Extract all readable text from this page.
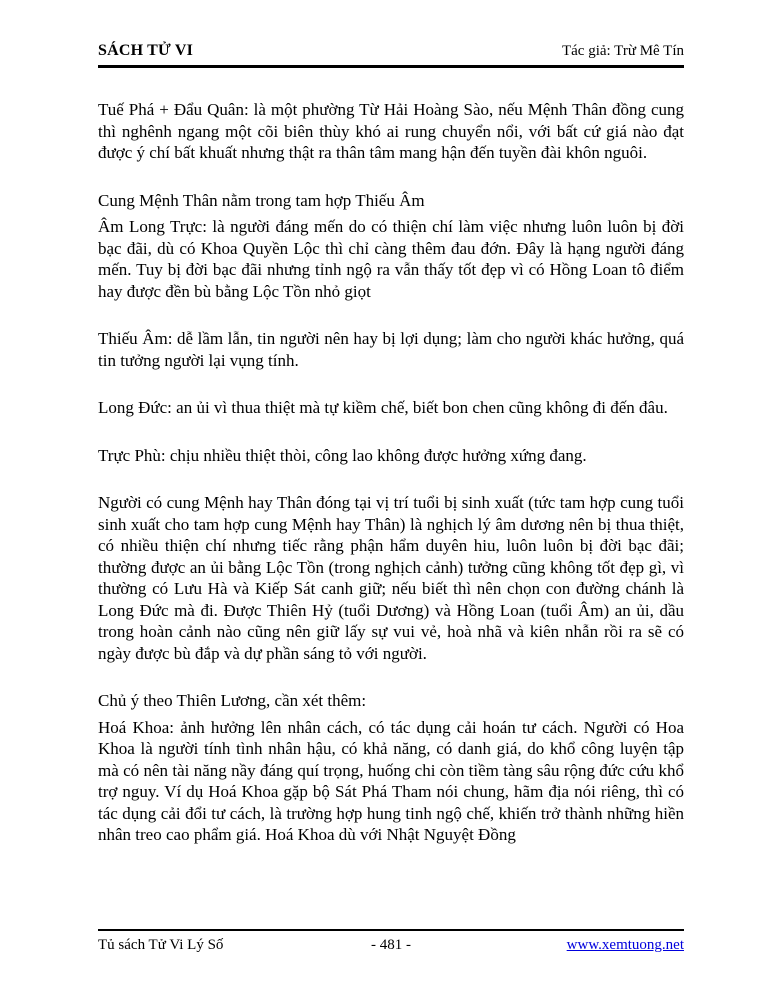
SÁCH TỬ VI	Tác giả: Trừ Mê Tín

Tuế Phá + Đẩu Quân: là một phường Từ Hải Hoàng Sào, nếu Mệnh Thân đồng cung thì nghênh ngang một cõi biên thùy khó ai rung chuyển nổi, với bất cứ giá nào đạt được ý chí bất khuất nhưng thật ra thân tâm mang hận đến tuyền đài khôn nguôi.

Cung Mệnh Thân nằm trong tam hợp Thiếu Âm

Âm Long Trực: là người đáng mến do có thiện chí làm việc nhưng luôn luôn bị đời bạc đãi, dù có Khoa Quyền Lộc thì chỉ càng thêm đau đớn. Đây là hạng người đáng mến. Tuy bị đời bạc đãi nhưng tỉnh ngộ ra vẫn thấy tốt đẹp vì có Hồng Loan tô điểm hay được đền bù bằng Lộc Tồn nhỏ giọt

Thiếu Âm: dễ lầm lẫn, tin người nên hay bị lợi dụng; làm cho người khác hưởng, quá tin tưởng người lại vụng tính.

Long Đức: an ủi vì thua thiệt mà tự kiềm chế, biết bon chen cũng không đi đến đâu.

Trực Phù: chịu nhiều thiệt thòi, công lao không được hưởng xứng đang.

Người có cung Mệnh hay Thân đóng tại vị trí tuổi bị sinh xuất (tức tam hợp cung tuổi sinh xuất cho tam hợp cung Mệnh hay Thân) là nghịch lý âm dương nên bị thua thiệt, có nhiều thiện chí nhưng tiếc rằng phận hẩm duyên hiu, luôn luôn bị đời bạc đãi; thường được an ủi bằng Lộc Tồn (trong nghịch cảnh) tưởng cũng không tốt đẹp gì, vì thường có Lưu Hà và Kiếp Sát canh giữ; nếu biết thì nên chọn con đường chánh là Long Đức mà đi. Được Thiên Hỷ (tuổi Dương) và Hồng Loan (tuổi Âm) an ủi, dầu trong hoàn cảnh nào cũng nên giữ lấy sự vui vẻ, hoà nhã và kiên nhẫn rồi ra sẽ có ngày được bù đắp và dự phần sáng tỏ với người.

Chủ ý theo Thiên Lương, cần xét thêm:

Hoá Khoa: ảnh hưởng lên nhân cách, có tác dụng cải hoán tư cách. Người có Hoa Khoa là người tính tình nhân hậu, có khả năng, có danh giá, do khổ công luyện tập mà có nên tài năng nầy đáng quí trọng, huống chi còn tiềm tàng sâu rộng đức cứu khổ trợ nguy. Ví dụ Hoá Khoa gặp bộ Sát Phá Tham nói chung, hãm địa nói riêng, thì có tác dụng cải đổi tư cách, là trường hợp hung tinh ngộ chế, khiến trở thành những hiền nhân treo cao phẩm giá. Hoá Khoa dù với Nhật Nguyệt Đồng

Tủ sách Tử Vi Lý Số	- 481 -	www.xemtuong.net
